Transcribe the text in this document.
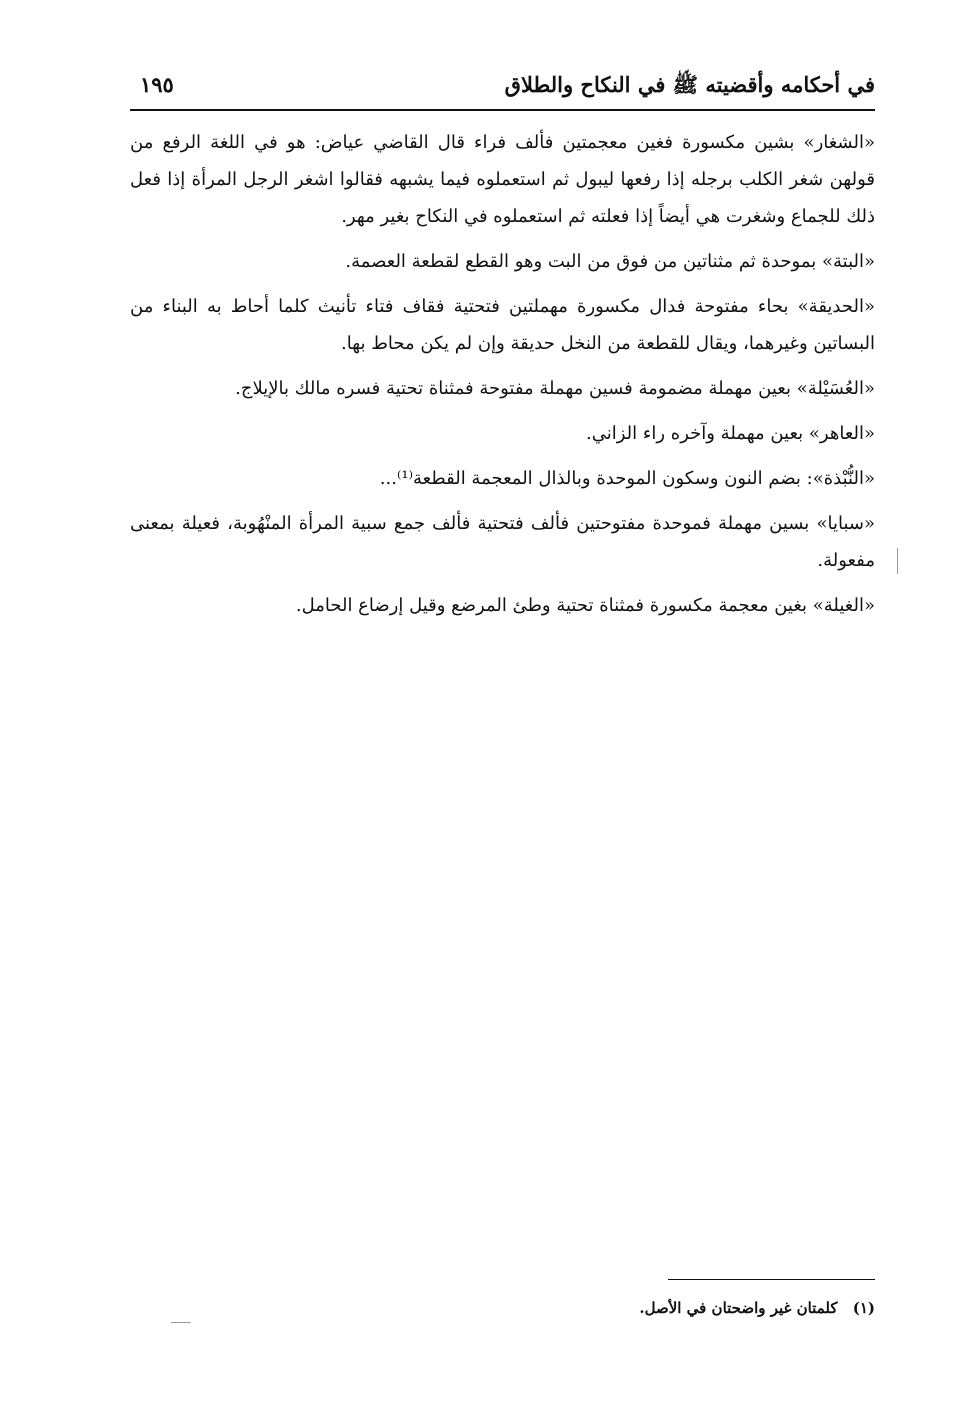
في أحكامه وأقضيته ﷺ في النكاح والطلاق
١٩٥

«الشغار» بشين مكسورة فغين معجمتين فألف فراء قال القاضي عياض: هو في اللغة الرفع من قولهن شغر الكلب برجله إذا رفعها ليبول ثم استعملوه فيما يشبهه فقالوا اشغر الرجل المرأة إذا فعل ذلك للجماع وشغرت هي أيضاً إذا فعلته ثم استعملوه في النكاح بغير مهر.

«البتة» بموحدة ثم مثناتين من فوق من البت وهو القطع لقطعة العصمة.

«الحديقة» بحاء مفتوحة فدال مكسورة مهملتين فتحتية فقاف فتاء تأنيث كلما أحاط به البناء من البساتين وغيرهما، ويقال للقطعة من النخل حديقة وإن لم يكن محاط بها.

«العُسَيْلة» بعين مهملة مضمومة فسين مهملة مفتوحة فمثناة تحتية فسره مالك بالإيلاج.

«العاهر» بعين مهملة وآخره راء الزاني.

«النُّبْذة»: بضم النون وسكون الموحدة وبالذال المعجمة القطعة⁽¹⁾...

«سبايا» بسين مهملة فموحدة مفتوحتين فألف فتحتية فألف جمع سبية المرأة المنْهُوبة، فعيلة بمعنى مفعولة.

«الغيلة» بغين معجمة مكسورة فمثناة تحتية وطئ المرضع وقيل إرضاع الحامل.

(١) كلمتان غير واضحتان في الأصل.
